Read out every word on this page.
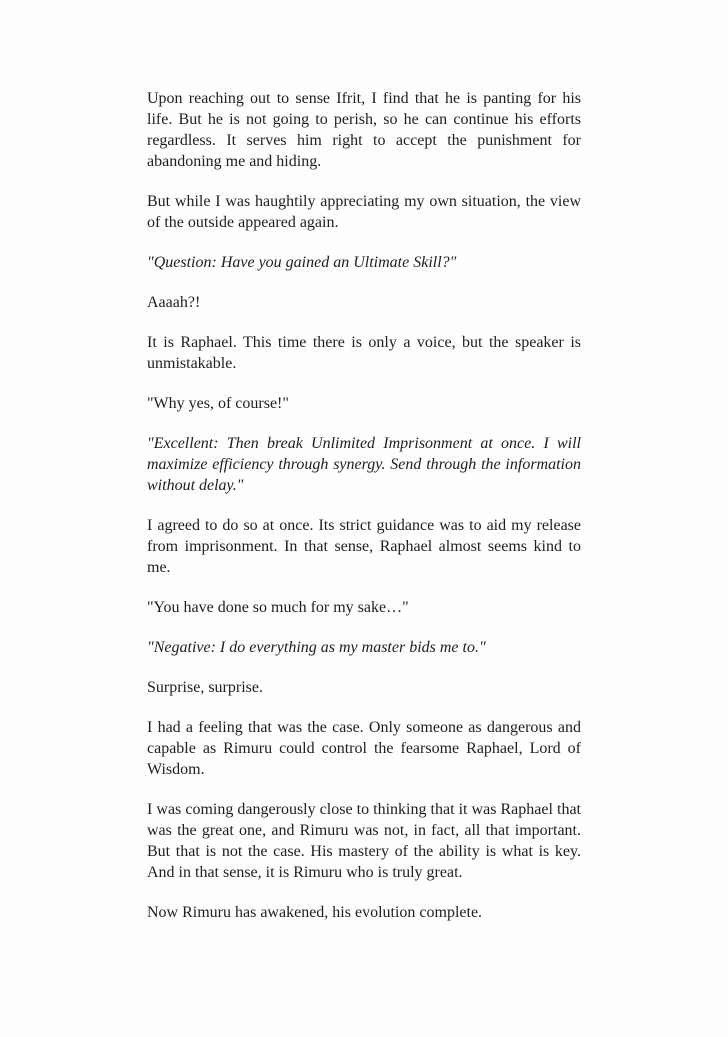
Upon reaching out to sense Ifrit, I find that he is panting for his life. But he is not going to perish, so he can continue his efforts regardless. It serves him right to accept the punishment for abandoning me and hiding.

But while I was haughtily appreciating my own situation, the view of the outside appeared again.

"Question: Have you gained an Ultimate Skill?"

Aaaah?!

It is Raphael. This time there is only a voice, but the speaker is unmistakable.

"Why yes, of course!"

"Excellent: Then break Unlimited Imprisonment at once. I will maximize efficiency through synergy. Send through the information without delay."

I agreed to do so at once. Its strict guidance was to aid my release from imprisonment. In that sense, Raphael almost seems kind to me.

"You have done so much for my sake…"

"Negative: I do everything as my master bids me to."

Surprise, surprise.

I had a feeling that was the case. Only someone as dangerous and capable as Rimuru could control the fearsome Raphael, Lord of Wisdom.

I was coming dangerously close to thinking that it was Raphael that was the great one, and Rimuru was not, in fact, all that important. But that is not the case. His mastery of the ability is what is key. And in that sense, it is Rimuru who is truly great.

Now Rimuru has awakened, his evolution complete.
